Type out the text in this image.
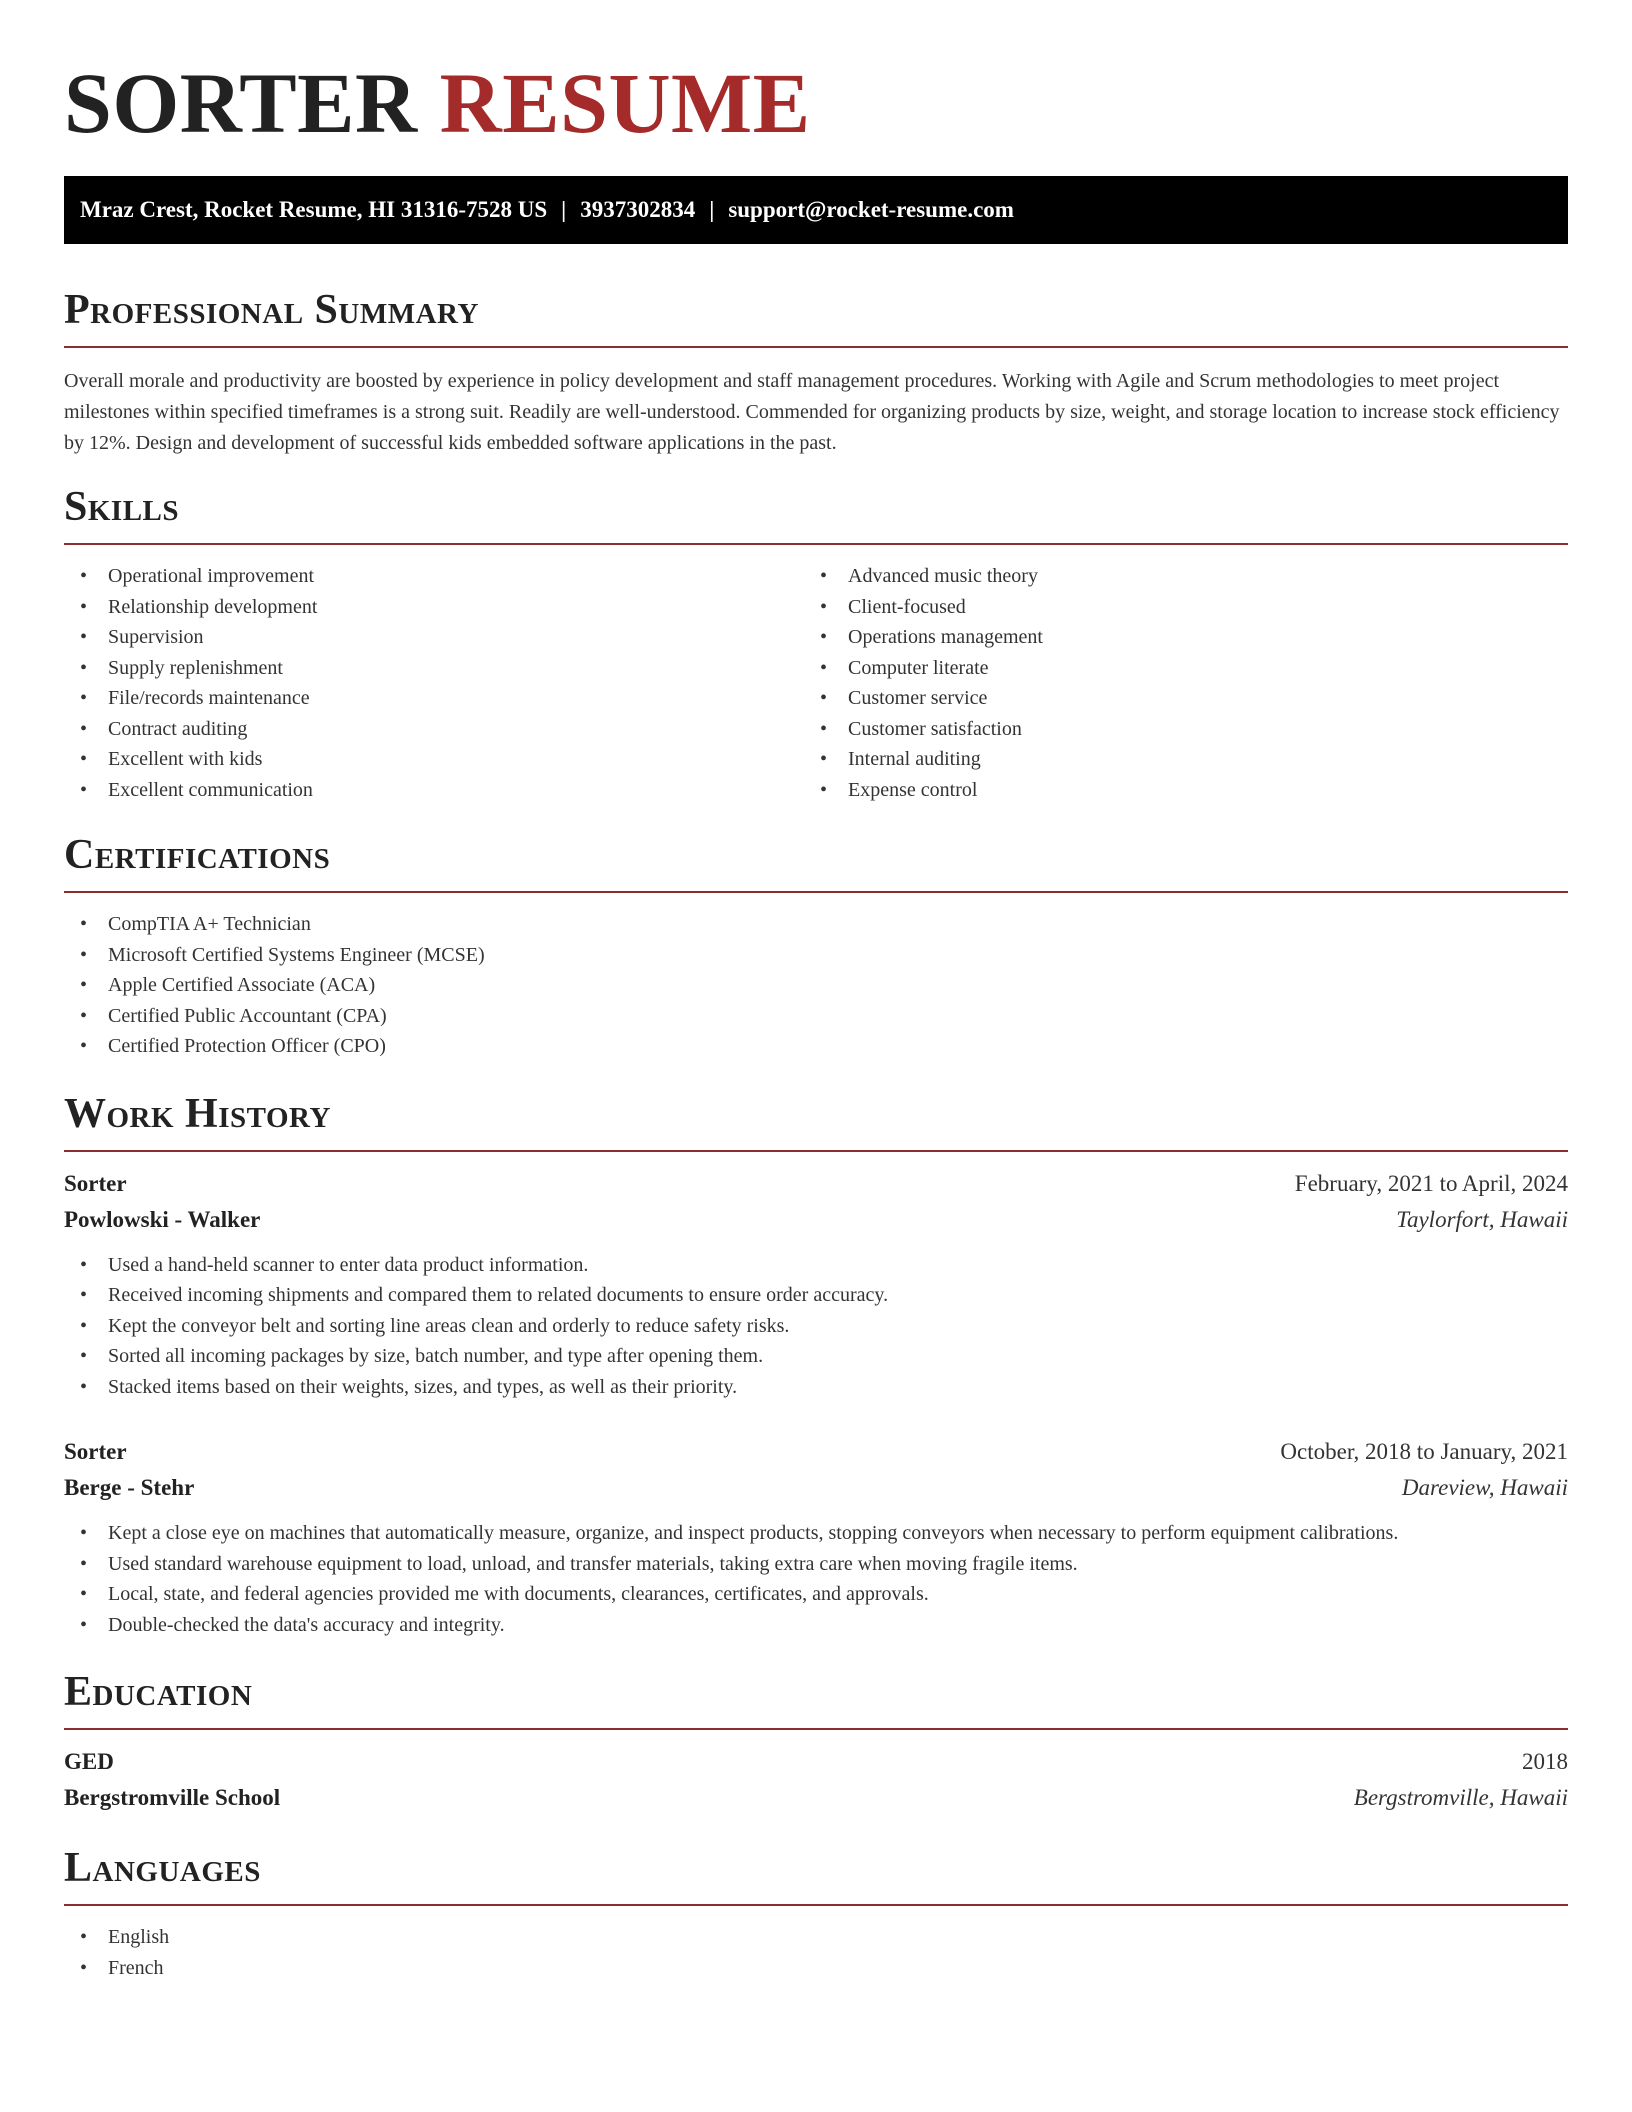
SORTER RESUME
Mraz Crest, Rocket Resume, HI 31316-7528 US | 3937302834 | support@rocket-resume.com
Professional Summary

Overall morale and productivity are boosted by experience in policy development and staff management procedures. Working with Agile and Scrum methodologies to meet project milestones within specified timeframes is a strong suit. Readily are well-understood. Commended for organizing products by size, weight, and storage location to increase stock efficiency by 12%. Design and development of successful kids embedded software applications in the past.

Skills
• Operational improvement
• Relationship development
• Supervision
• Supply replenishment
• File/records maintenance
• Contract auditing
• Excellent with kids
• Excellent communication
• Advanced music theory
• Client-focused
• Operations management
• Computer literate
• Customer service
• Customer satisfaction
• Internal auditing
• Expense control
Certifications
• CompTIA A+ Technician
• Microsoft Certified Systems Engineer (MCSE)
• Apple Certified Associate (ACA)
• Certified Public Accountant (CPA)
• Certified Protection Officer (CPO)
Work History
Sorter	February, 2021 to April, 2024
Powlowski - Walker	Taylorfort, Hawaii
• Used a hand-held scanner to enter data product information.
• Received incoming shipments and compared them to related documents to ensure order accuracy.
• Kept the conveyor belt and sorting line areas clean and orderly to reduce safety risks.
• Sorted all incoming packages by size, batch number, and type after opening them.
• Stacked items based on their weights, sizes, and types, as well as their priority.
Sorter	October, 2018 to January, 2021
Berge - Stehr	Dareview, Hawaii
• Kept a close eye on machines that automatically measure, organize, and inspect products, stopping conveyors when necessary to perform equipment calibrations.
• Used standard warehouse equipment to load, unload, and transfer materials, taking extra care when moving fragile items.
• Local, state, and federal agencies provided me with documents, clearances, certificates, and approvals.
• Double-checked the data's accuracy and integrity.
Education
GED	2018
Bergstromville School	Bergstromville, Hawaii
Languages
• English
• French
